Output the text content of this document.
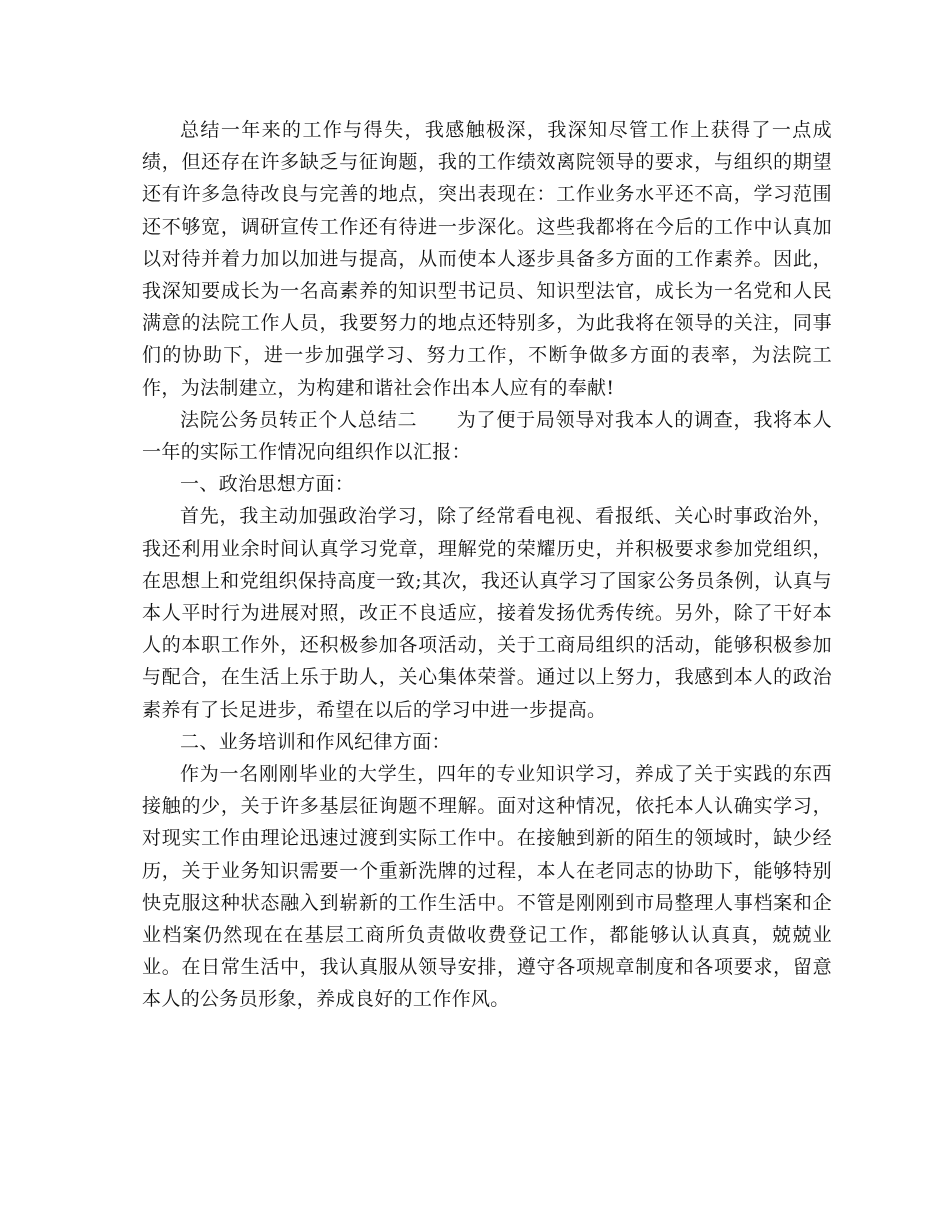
总结一年来的工作与得失，我感触极深，我深知尽管工作上获得了一点成绩，但还存在许多缺乏与征询题，我的工作绩效离院领导的要求，与组织的期望还有许多急待改良与完善的地点，突出表现在：工作业务水平还不高，学习范围还不够宽，调研宣传工作还有待进一步深化。这些我都将在今后的工作中认真加以对待并着力加以加进与提高，从而使本人逐步具备多方面的工作素养。因此，我深知要成长为一名高素养的知识型书记员、知识型法官，成长为一名党和人民满意的法院工作人员，我要努力的地点还特别多，为此我将在领导的关注，同事们的协助下，进一步加强学习、努力工作，不断争做多方面的表率，为法院工作，为法制建立，为构建和谐社会作出本人应有的奉献!

法院公务员转正个人总结二　　为了便于局领导对我本人的调查，我将本人一年的实际工作情况向组织作以汇报：

一、政治思想方面：

首先，我主动加强政治学习，除了经常看电视、看报纸、关心时事政治外，我还利用业余时间认真学习党章，理解党的荣耀历史，并积极要求参加党组织，在思想上和党组织保持高度一致;其次，我还认真学习了国家公务员条例，认真与本人平时行为进展对照，改正不良适应，接着发扬优秀传统。另外，除了干好本人的本职工作外，还积极参加各项活动，关于工商局组织的活动，能够积极参加与配合，在生活上乐于助人，关心集体荣誉。通过以上努力，我感到本人的政治素养有了长足进步，希望在以后的学习中进一步提高。

二、业务培训和作风纪律方面：

作为一名刚刚毕业的大学生，四年的专业知识学习，养成了关于实践的东西接触的少，关于许多基层征询题不理解。面对这种情况，依托本人认确实学习，对现实工作由理论迅速过渡到实际工作中。在接触到新的陌生的领域时，缺少经历，关于业务知识需要一个重新洗牌的过程，本人在老同志的协助下，能够特别快克服这种状态融入到崭新的工作生活中。不管是刚刚到市局整理人事档案和企业档案仍然现在在基层工商所负责做收费登记工作，都能够认认真真，兢兢业业。在日常生活中，我认真服从领导安排，遵守各项规章制度和各项要求，留意本人的公务员形象，养成良好的工作作风。
